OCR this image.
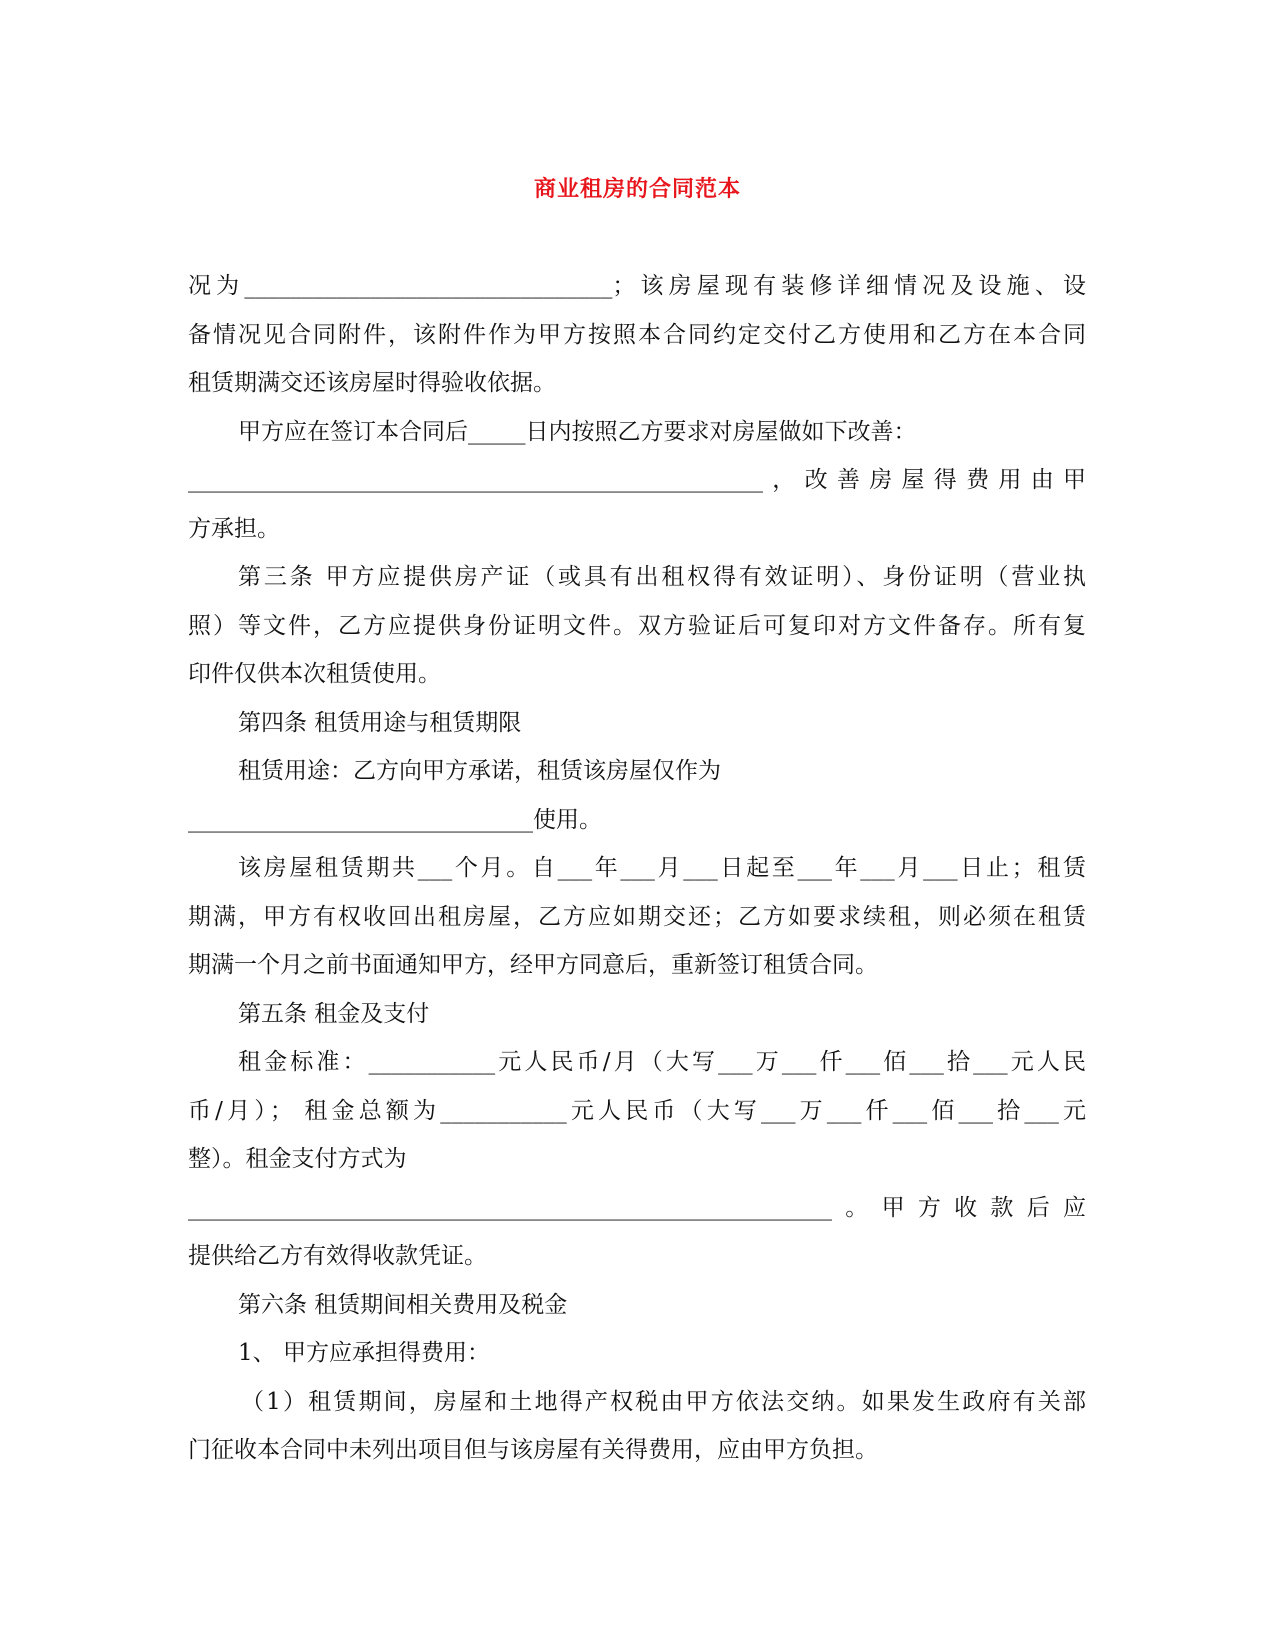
商业租房的合同范本
况为________________________________；该房屋现有装修详细情况及设施、设
备情况见合同附件，该附件作为甲方按照本合同约定交付乙方使用和乙方在本合同
租赁期满交还该房屋时得验收依据。
甲方应在签订本合同后_____日内按照乙方要求对房屋做如下改善：
__________________________________________________，改善房屋得费用由甲
方承担。
第三条 甲方应提供房产证（或具有出租权得有效证明）、身份证明（营业执
照）等文件，乙方应提供身份证明文件。双方验证后可复印对方文件备存。所有复
印件仅供本次租赁使用。
第四条 租赁用途与租赁期限
租赁用途：乙方向甲方承诺，租赁该房屋仅作为
______________________________使用。
该房屋租赁期共___个月。自___年___月___日起至___年___月___日止；租赁
期满，甲方有权收回出租房屋，乙方应如期交还；乙方如要求续租，则必须在租赁
期满一个月之前书面通知甲方，经甲方同意后，重新签订租赁合同。
第五条 租金及支付
租金标准：___________元人民币/月（大写___万___仟___佰___拾___元人民
币/月）； 租金总额为___________元人民币（大写___万___仟___佰___拾___元
整）。租金支付方式为
________________________________________________________。甲方收款后应
提供给乙方有效得收款凭证。
第六条 租赁期间相关费用及税金
1、 甲方应承担得费用：
（1）租赁期间，房屋和土地得产权税由甲方依法交纳。如果发生政府有关部
门征收本合同中未列出项目但与该房屋有关得费用，应由甲方负担。
